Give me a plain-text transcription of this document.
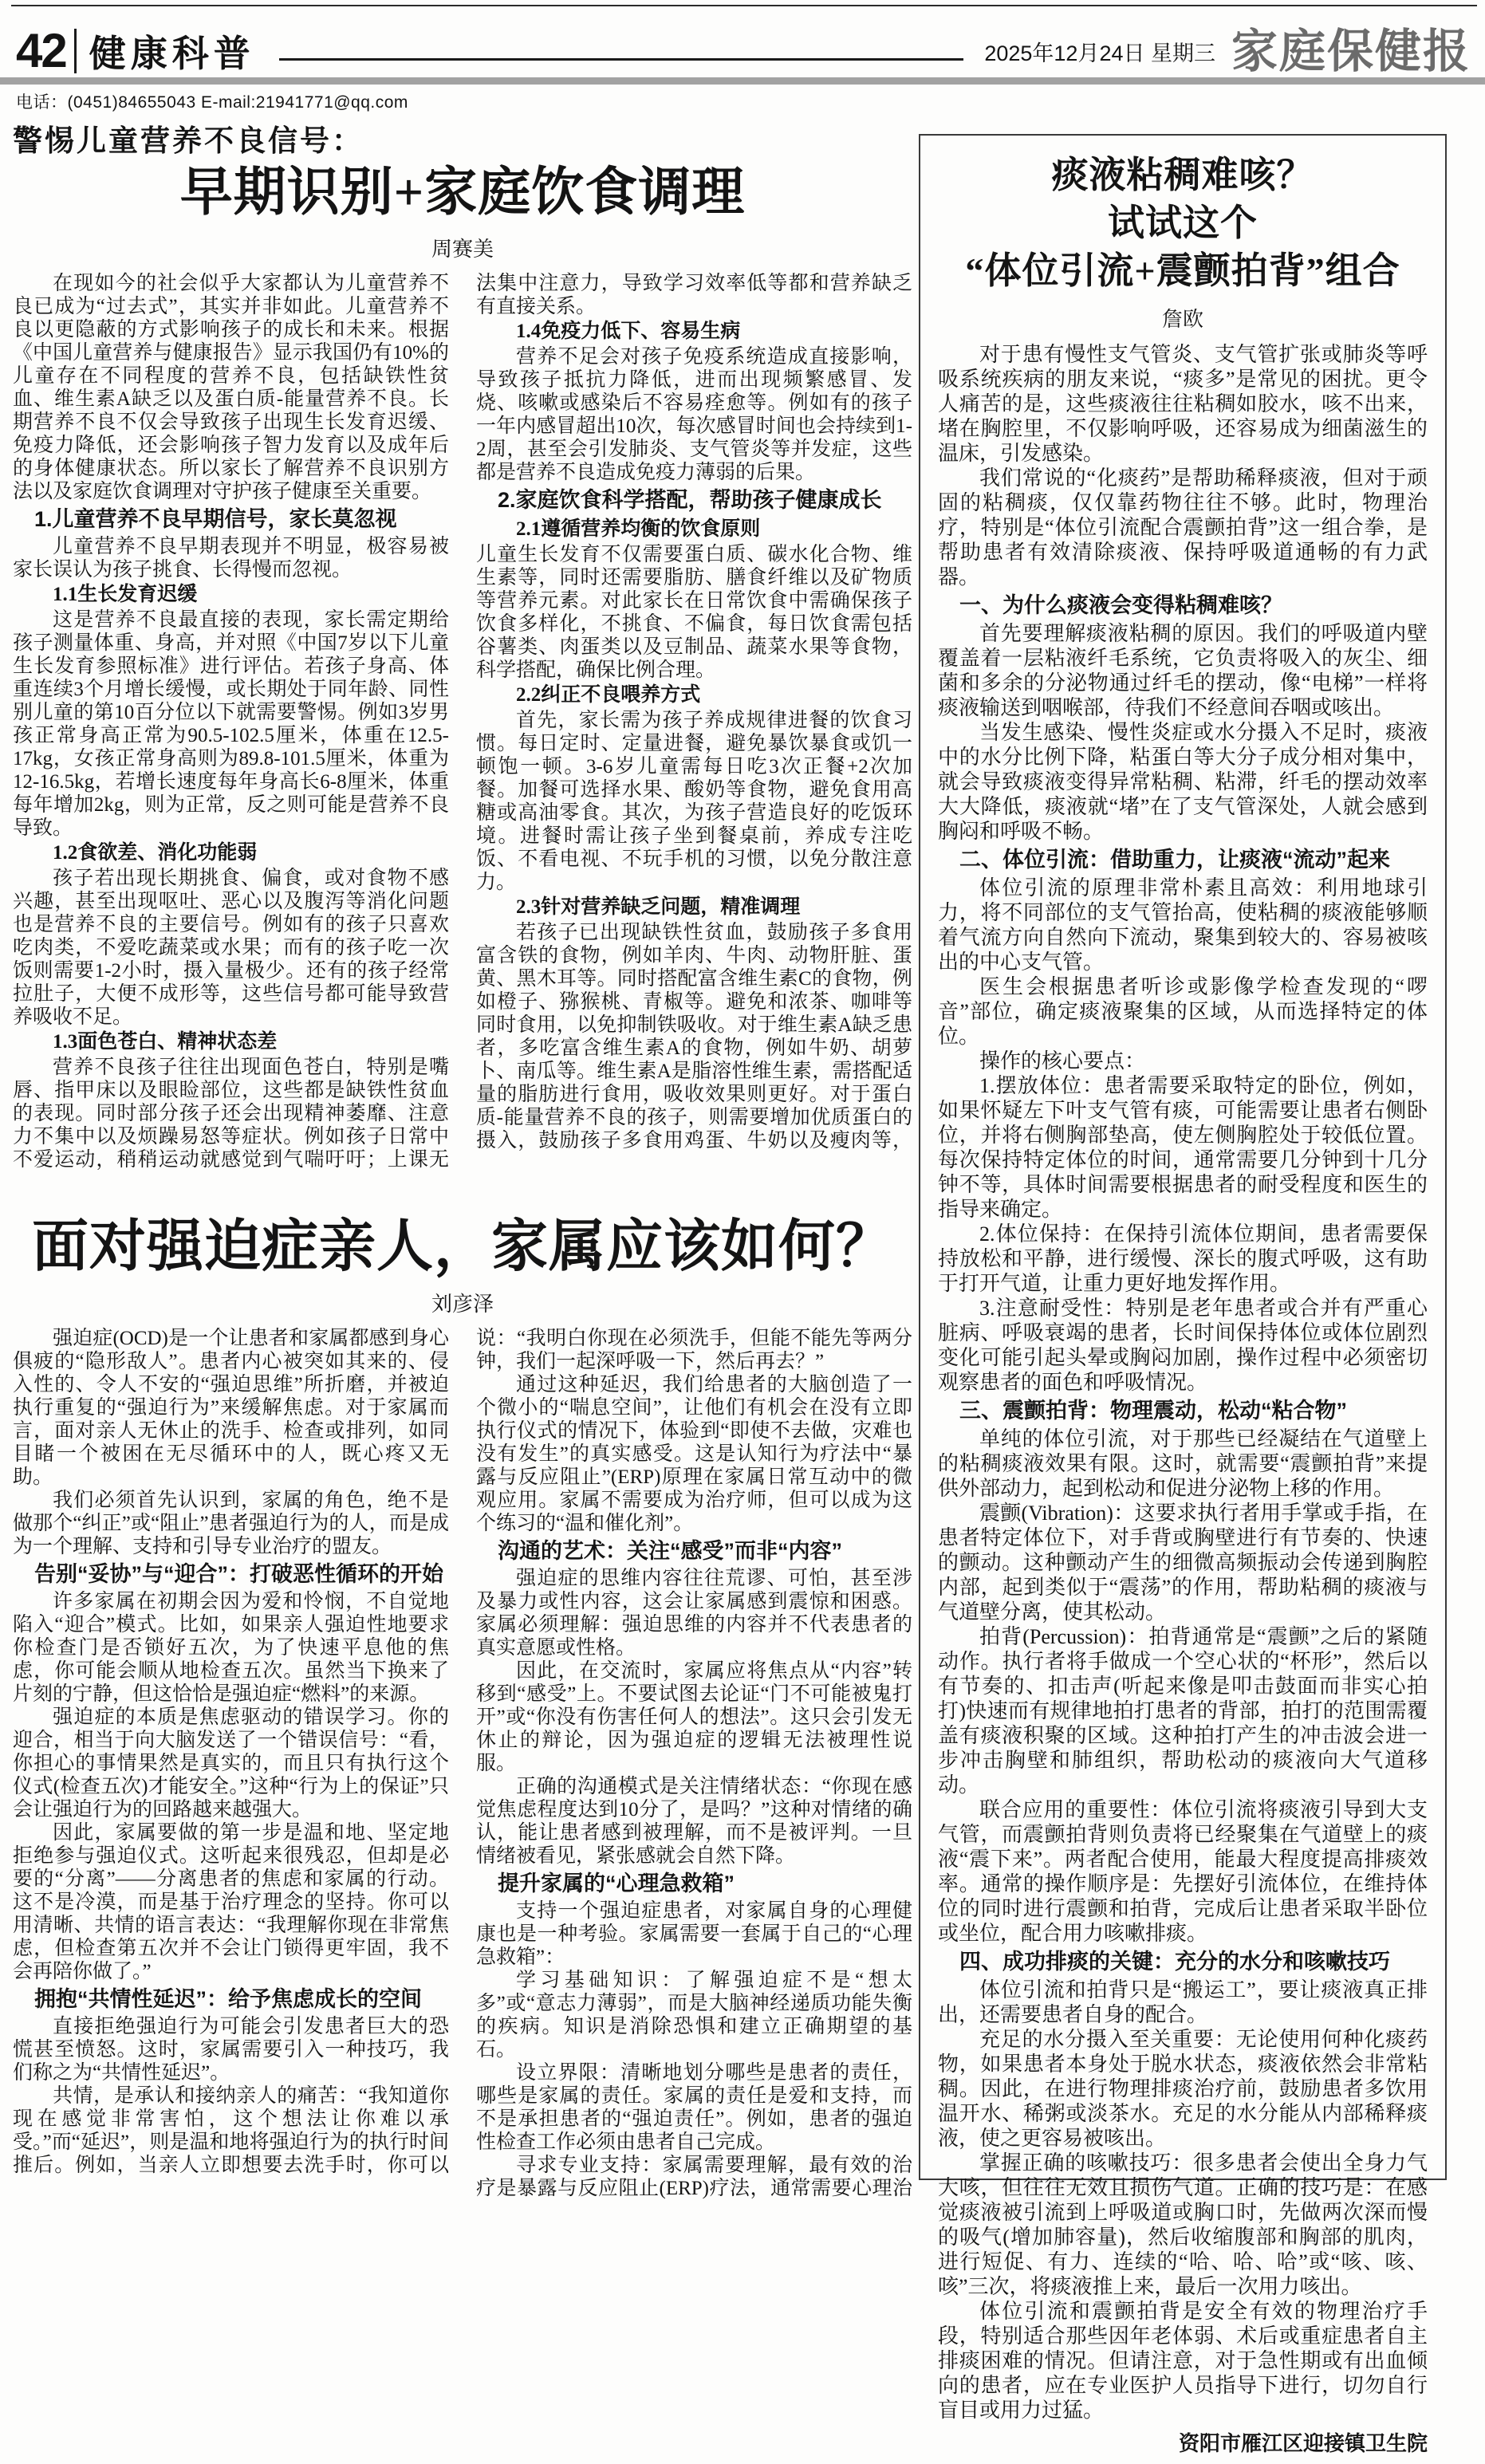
42 健康科普	2025年12月24日 星期三 家庭保健报
电话：(0451)84655043 E-mail:21941771@qq.com
警惕儿童营养不良信号：
早期识别+家庭饮食调理
周赛美
在现如今的社会似乎大家都认为儿童营养不良已成为“过去式”，其实并非如此。儿童营养不良以更隐蔽的方式影响孩子的成长和未来。根据《中国儿童营养与健康报告》显示我国仍有10%的儿童存在不同程度的营养不良，包括缺铁性贫血、维生素A缺乏以及蛋白质-能量营养不良。长期营养不良不仅会导致孩子出现生长发育迟缓、免疫力降低，还会影响孩子智力发育以及成年后的身体健康状态。所以家长了解营养不良识别方法以及家庭饮食调理对守护孩子健康至关重要。
1.儿童营养不良早期信号，家长莫忽视
儿童营养不良早期表现并不明显，极容易被家长误认为孩子挑食、长得慢而忽视。
1.1生长发育迟缓
这是营养不良最直接的表现，家长需定期给孩子测量体重、身高，并对照《中国7岁以下儿童生长发育参照标准》进行评估。若孩子身高、体重连续3个月增长缓慢，或长期处于同年龄、同性别儿童的第10百分位以下就需要警惕。例如3岁男孩正常身高正常为90.5-102.5厘米，体重在12.5-17kg，女孩正常身高则为89.8-101.5厘米，体重为12-16.5kg，若增长速度每年身高长6-8厘米，体重每年增加2kg，则为正常，反之则可能是营养不良导致。
1.2食欲差、消化功能弱
孩子若出现长期挑食、偏食，或对食物不感兴趣，甚至出现呕吐、恶心以及腹泻等消化问题也是营养不良的主要信号。例如有的孩子只喜欢吃肉类，不爱吃蔬菜或水果；而有的孩子吃一次饭则需要1-2小时，摄入量极少。还有的孩子经常拉肚子，大便不成形等，这些信号都可能导致营养吸收不足。
1.3面色苍白、精神状态差
营养不良孩子往往出现面色苍白，特别是嘴唇、指甲床以及眼睑部位，这些都是缺铁性贫血的表现。同时部分孩子还会出现精神萎靡、注意力不集中以及烦躁易怒等症状。例如孩子日常中不爱运动，稍稍运动就感觉到气喘吁吁；上课无法集中注意力，导致学习效率低等都和营养缺乏有直接关系。
1.4免疫力低下、容易生病
营养不足会对孩子免疫系统造成直接影响，导致孩子抵抗力降低，进而出现频繁感冒、发烧、咳嗽或感染后不容易痊愈等。例如有的孩子一年内感冒超出10次，每次感冒时间也会持续到1-2周，甚至会引发肺炎、支气管炎等并发症，这些都是营养不良造成免疫力薄弱的后果。
2.家庭饮食科学搭配，帮助孩子健康成长
2.1遵循营养均衡的饮食原则
儿童生长发育不仅需要蛋白质、碳水化合物、维生素等，同时还需要脂肪、膳食纤维以及矿物质等营养元素。对此家长在日常饮食中需确保孩子饮食多样化，不挑食、不偏食，每日饮食需包括谷薯类、肉蛋类以及豆制品、蔬菜水果等食物，科学搭配，确保比例合理。
2.2纠正不良喂养方式
首先，家长需为孩子养成规律进餐的饮食习惯。每日定时、定量进餐，避免暴饮暴食或饥一顿饱一顿。3-6岁儿童需每日吃3次正餐+2次加餐。加餐可选择水果、酸奶等食物，避免食用高糖或高油零食。其次，为孩子营造良好的吃饭环境。进餐时需让孩子坐到餐桌前，养成专注吃饭、不看电视、不玩手机的习惯，以免分散注意力。
2.3针对营养缺乏问题，精准调理
若孩子已出现缺铁性贫血，鼓励孩子多食用富含铁的食物，例如羊肉、牛肉、动物肝脏、蛋黄、黑木耳等。同时搭配富含维生素C的食物，例如橙子、猕猴桃、青椒等。避免和浓茶、咖啡等同时食用，以免抑制铁吸收。对于维生素A缺乏患者，多吃富含维生素A的食物，例如牛奶、胡萝卜、南瓜等。维生素A是脂溶性维生素，需搭配适量的脂肪进行食用，吸收效果则更好。对于蛋白质-能量营养不良的孩子，则需要增加优质蛋白的摄入，鼓励孩子多食用鸡蛋、牛奶以及瘦肉等，
面对强迫症亲人，家属应该如何？
刘彦泽
强迫症(OCD)是一个让患者和家属都感到身心俱疲的“隐形敌人”。患者内心被突如其来的、侵入性的、令人不安的“强迫思维”所折磨，并被迫执行重复的“强迫行为”来缓解焦虑。对于家属而言，面对亲人无休止的洗手、检查或排列，如同目睹一个被困在无尽循环中的人，既心疼又无助。
我们必须首先认识到，家属的角色，绝不是做那个“纠正”或“阻止”患者强迫行为的人，而是成为一个理解、支持和引导专业治疗的盟友。
告别“妥协”与“迎合”：打破恶性循环的开始
许多家属在初期会因为爱和怜悯，不自觉地陷入“迎合”模式。比如，如果亲人强迫性地要求你检查门是否锁好五次，为了快速平息他的焦虑，你可能会顺从地检查五次。虽然当下换来了片刻的宁静，但这恰恰是强迫症“燃料”的来源。
强迫症的本质是焦虑驱动的错误学习。你的迎合，相当于向大脑发送了一个错误信号：“看，你担心的事情果然是真实的，而且只有执行这个仪式(检查五次)才能安全。”这种“行为上的保证”只会让强迫行为的回路越来越强大。
因此，家属要做的第一步是温和地、坚定地拒绝参与强迫仪式。这听起来很残忍，但却是必要的“分离”——分离患者的焦虑和家属的行动。这不是冷漠，而是基于治疗理念的坚持。你可以用清晰、共情的语言表达：“我理解你现在非常焦虑，但检查第五次并不会让门锁得更牢固，我不会再陪你做了。”
拥抱“共情性延迟”：给予焦虑成长的空间
直接拒绝强迫行为可能会引发患者巨大的恐慌甚至愤怒。这时，家属需要引入一种技巧，我们称之为“共情性延迟”。
共情，是承认和接纳亲人的痛苦：“我知道你现在感觉非常害怕，这个想法让你难以承受。”而“延迟”，则是温和地将强迫行为的执行时间推后。例如，当亲人立即想要去洗手时，你可以说：“我明白你现在必须洗手，但能不能先等两分钟，我们一起深呼吸一下，然后再去？”
通过这种延迟，我们给患者的大脑创造了一个微小的“喘息空间”，让他们有机会在没有立即执行仪式的情况下，体验到“即使不去做，灾难也没有发生”的真实感受。这是认知行为疗法中“暴露与反应阻止”(ERP)原理在家属日常互动中的微观应用。家属不需要成为治疗师，但可以成为这个练习的“温和催化剂”。
沟通的艺术：关注“感受”而非“内容”
强迫症的思维内容往往荒谬、可怕，甚至涉及暴力或性内容，这会让家属感到震惊和困惑。家属必须理解：强迫思维的内容并不代表患者的真实意愿或性格。
因此，在交流时，家属应将焦点从“内容”转移到“感受”上。不要试图去论证“门不可能被鬼打开”或“你没有伤害任何人的想法”。这只会引发无休止的辩论，因为强迫症的逻辑无法被理性说服。
正确的沟通模式是关注情绪状态：“你现在感觉焦虑程度达到10分了，是吗？”这种对情绪的确认，能让患者感到被理解，而不是被评判。一旦情绪被看见，紧张感就会自然下降。
提升家属的“心理急救箱”
支持一个强迫症患者，对家属自身的心理健康也是一种考验。家属需要一套属于自己的“心理急救箱”：
学习基础知识：了解强迫症不是“想太多”或“意志力薄弱”，而是大脑神经递质功能失衡的疾病。知识是消除恐惧和建立正确期望的基石。
设立界限：清晰地划分哪些是患者的责任，哪些是家属的责任。家属的责任是爱和支持，而不是承担患者的“强迫责任”。例如，患者的强迫性检查工作必须由患者自己完成。
寻求专业支持：家属需要理解，最有效的治疗是暴露与反应阻止(ERP)疗法，通常需要心理治
痰液粘稠难咳？
试试这个
“体位引流+震颤拍背”组合
詹欧
对于患有慢性支气管炎、支气管扩张或肺炎等呼吸系统疾病的朋友来说，“痰多”是常见的困扰。更令人痛苦的是，这些痰液往往粘稠如胶水，咳不出来，堵在胸腔里，不仅影响呼吸，还容易成为细菌滋生的温床，引发感染。
我们常说的“化痰药”是帮助稀释痰液，但对于顽固的粘稠痰，仅仅靠药物往往不够。此时，物理治疗，特别是“体位引流配合震颤拍背”这一组合拳，是帮助患者有效清除痰液、保持呼吸道通畅的有力武器。
一、为什么痰液会变得粘稠难咳？
首先要理解痰液粘稠的原因。我们的呼吸道内壁覆盖着一层粘液纤毛系统，它负责将吸入的灰尘、细菌和多余的分泌物通过纤毛的摆动，像“电梯”一样将痰液输送到咽喉部，待我们不经意间吞咽或咳出。
当发生感染、慢性炎症或水分摄入不足时，痰液中的水分比例下降，粘蛋白等大分子成分相对集中，就会导致痰液变得异常粘稠、粘滞，纤毛的摆动效率大大降低，痰液就“堵”在了支气管深处，人就会感到胸闷和呼吸不畅。
二、体位引流：借助重力，让痰液“流动”起来
体位引流的原理非常朴素且高效：利用地球引力，将不同部位的支气管抬高，使粘稠的痰液能够顺着气流方向自然向下流动，聚集到较大的、容易被咳出的中心支气管。
医生会根据患者听诊或影像学检查发现的“啰音”部位，确定痰液聚集的区域，从而选择特定的体位。
操作的核心要点：
1.摆放体位：患者需要采取特定的卧位，例如，如果怀疑左下叶支气管有痰，可能需要让患者右侧卧位，并将右侧胸部垫高，使左侧胸腔处于较低位置。每次保持特定体位的时间，通常需要几分钟到十几分钟不等，具体时间需要根据患者的耐受程度和医生的指导来确定。
2.体位保持：在保持引流体位期间，患者需要保持放松和平静，进行缓慢、深长的腹式呼吸，这有助于打开气道，让重力更好地发挥作用。
3.注意耐受性：特别是老年患者或合并有严重心脏病、呼吸衰竭的患者，长时间保持体位或体位剧烈变化可能引起头晕或胸闷加剧，操作过程中必须密切观察患者的面色和呼吸情况。
三、震颤拍背：物理震动，松动“粘合物”
单纯的体位引流，对于那些已经凝结在气道壁上的粘稠痰液效果有限。这时，就需要“震颤拍背”来提供外部动力，起到松动和促进分泌物上移的作用。
震颤(Vibration)：这要求执行者用手掌或手指，在患者特定体位下，对手背或胸壁进行有节奏的、快速的颤动。这种颤动产生的细微高频振动会传递到胸腔内部，起到类似于“震荡”的作用，帮助粘稠的痰液与气道壁分离，使其松动。
拍背(Percussion)：拍背通常是“震颤”之后的紧随动作。执行者将手做成一个空心状的“杯形”，然后以有节奏的、扣击声(听起来像是叩击鼓面而非实心拍打)快速而有规律地拍打患者的背部，拍打的范围需覆盖有痰液积聚的区域。这种拍打产生的冲击波会进一步冲击胸壁和肺组织，帮助松动的痰液向大气道移动。
联合应用的重要性：体位引流将痰液引导到大支气管，而震颤拍背则负责将已经聚集在气道壁上的痰液“震下来”。两者配合使用，能最大程度提高排痰效率。通常的操作顺序是：先摆好引流体位，在维持体位的同时进行震颤和拍背，完成后让患者采取半卧位或坐位，配合用力咳嗽排痰。
四、成功排痰的关键：充分的水分和咳嗽技巧
体位引流和拍背只是“搬运工”，要让痰液真正排出，还需要患者自身的配合。
充足的水分摄入至关重要：无论使用何种化痰药物，如果患者本身处于脱水状态，痰液依然会非常粘稠。因此，在进行物理排痰治疗前，鼓励患者多饮用温开水、稀粥或淡茶水。充足的水分能从内部稀释痰液，使之更容易被咳出。
掌握正确的咳嗽技巧：很多患者会使出全身力气大咳，但往往无效且损伤气道。正确的技巧是：在感觉痰液被引流到上呼吸道或胸口时，先做两次深而慢的吸气(增加肺容量)，然后收缩腹部和胸部的肌肉，进行短促、有力、连续的“哈、哈、哈”或“咳、咳、咳”三次，将痰液推上来，最后一次用力咳出。
体位引流和震颤拍背是安全有效的物理治疗手段，特别适合那些因年老体弱、术后或重症患者自主排痰困难的情况。但请注意，对于急性期或有出血倾向的患者，应在专业医护人员指导下进行，切勿自行盲目或用力过猛。
资阳市雁江区迎接镇卫生院
